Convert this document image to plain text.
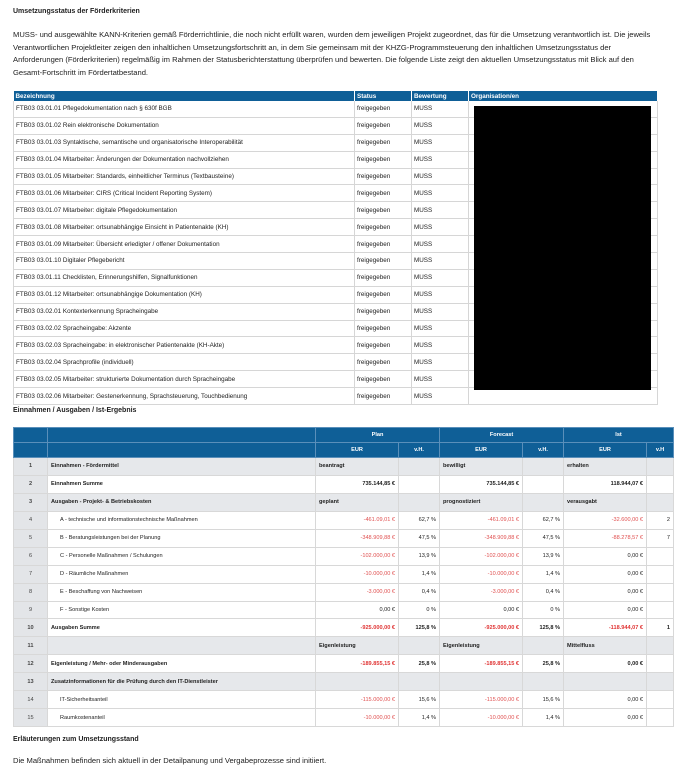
Umsetzungsstatus der Förderkriterien
MUSS- und ausgewählte KANN-Kriterien gemäß Förderrichtlinie, die noch nicht erfüllt waren, wurden dem jeweiligen Projekt zugeordnet, das für die Umsetzung verantwortlich ist. Die jeweils Verantwortlichen Projektleiter zeigen den inhaltlichen Umsetzungsfortschritt an, in dem Sie gemeinsam mit der KHZG-Programmsteuerung den inhaltlichen Umsetzungsstatus der Anforderungen (Förderkriterien) regelmäßig im Rahmen der Statusberichterstattung überprüfen und bewerten. Die folgende Liste zeigt den aktuellen Umsetzungsstatus mit Blick auf den Gesamt-Fortschritt im Fördertatbestand.
Bezeichnung	Status	Bewertung	Organisation/en
FTB03 03.01.01 Pflegedokumentation nach § 630f BGB	freigegeben	MUSS	
FTB03 03.01.02 Rein elektronische Dokumentation	freigegeben	MUSS	
FTB03 03.01.03 Syntaktische, semantische und organisatorische Interoperabilität	freigegeben	MUSS	
FTB03 03.01.04 Mitarbeiter: Änderungen der Dokumentation nachvollziehen	freigegeben	MUSS	
FTB03 03.01.05 Mitarbeiter: Standards, einheitlicher Terminus (Textbausteine)	freigegeben	MUSS	
FTB03 03.01.06 Mitarbeiter: CIRS (Critical Incident Reporting System)	freigegeben	MUSS	
FTB03 03.01.07 Mitarbeiter: digitale Pflegedokumentation	freigegeben	MUSS	
FTB03 03.01.08 Mitarbeiter: ortsunabhängige Einsicht in Patientenakte (KH)	freigegeben	MUSS	
FTB03 03.01.09 Mitarbeiter: Übersicht erledigter / offener Dokumentation	freigegeben	MUSS	
FTB03 03.01.10 Digitaler Pflegebericht	freigegeben	MUSS	
FTB03 03.01.11 Checklisten, Erinnerungshilfen, Signalfunktionen	freigegeben	MUSS	
FTB03 03.01.12 Mitarbeiter: ortsunabhängige Dokumentation (KH)	freigegeben	MUSS	
FTB03 03.02.01 Kontexterkennung Spracheingabe	freigegeben	MUSS	
FTB03 03.02.02 Spracheingabe: Akzente	freigegeben	MUSS	
FTB03 03.02.03 Spracheingabe: in elektronischer Patientenakte (KH-Akte)	freigegeben	MUSS	
FTB03 03.02.04 Sprachprofile (individuell)	freigegeben	MUSS	
FTB03 03.02.05 Mitarbeiter: strukturierte Dokumentation durch Spracheingabe	freigegeben	MUSS	
FTB03 03.02.06 Mitarbeiter: Gestenerkennung, Sprachsteuerung, Touchbedienung	freigegeben	MUSS	
Einnahmen / Ausgaben / Ist-Ergebnis
		Plan		Forecast		Ist	
		EUR	v.H.	EUR	v.H.	EUR	v.H
1	Einnahmen - Fördermittel	beantragt		bewilligt		erhalten	
2	Einnahmen Summe	735.144,85 €		735.144,85 €		118.944,07 €	
3	Ausgaben - Projekt- & Betriebskosten	geplant		prognostiziert		verausgabt	
4	A - technische und informationstechnische Maßnahmen	-461.09,01 €	62,7 %	-461.09,01 €	62,7 %	-32.600,00 €	2
5	B - Beratungsleistungen bei der Planung	-348.909,88 €	47,5 %	-348.909,88 €	47,5 %	-88.278,57 €	7
6	C - Personelle Maßnahmen / Schulungen	-102.000,00 €	13,9 %	-102.000,00 €	13,9 %	0,00 €	
7	D - Räumliche Maßnahmen	-10.000,00 €	1,4 %	-10.000,00 €	1,4 %	0,00 €	
8	E - Beschaffung von Nachweisen	-3.000,00 €	0,4 %	-3.000,00 €	0,4 %	0,00 €	
9	F - Sonstige Kosten	0,00 €	0 %	0,00 €	0 %	0,00 €	
10	Ausgaben Summe	-925.000,00 €	125,8 %	-925.000,00 €	125,8 %	-118.944,07 €	1
11		Eigenleistung		Eigenleistung		Mittelfluss	
12	Eigenleistung / Mehr- oder Minderausgaben	-189.855,15 €	25,8 %	-189.855,15 €	25,8 %	0,00 €	
13	Zusatzinformationen für die Prüfung durch den IT-Dienstleister						
14	IT-Sicherheitsanteil	-115.000,00 €	15,6 %	-115.000,00 €	15,6 %	0,00 €	
15	Raumkostenanteil	-10.000,00 €	1,4 %	-10.000,00 €	1,4 %	0,00 €	
Erläuterungen zum Umsetzungsstand
Die Maßnahmen befinden sich aktuell in der Detailpanung und Vergabeprozesse sind initiiert.
